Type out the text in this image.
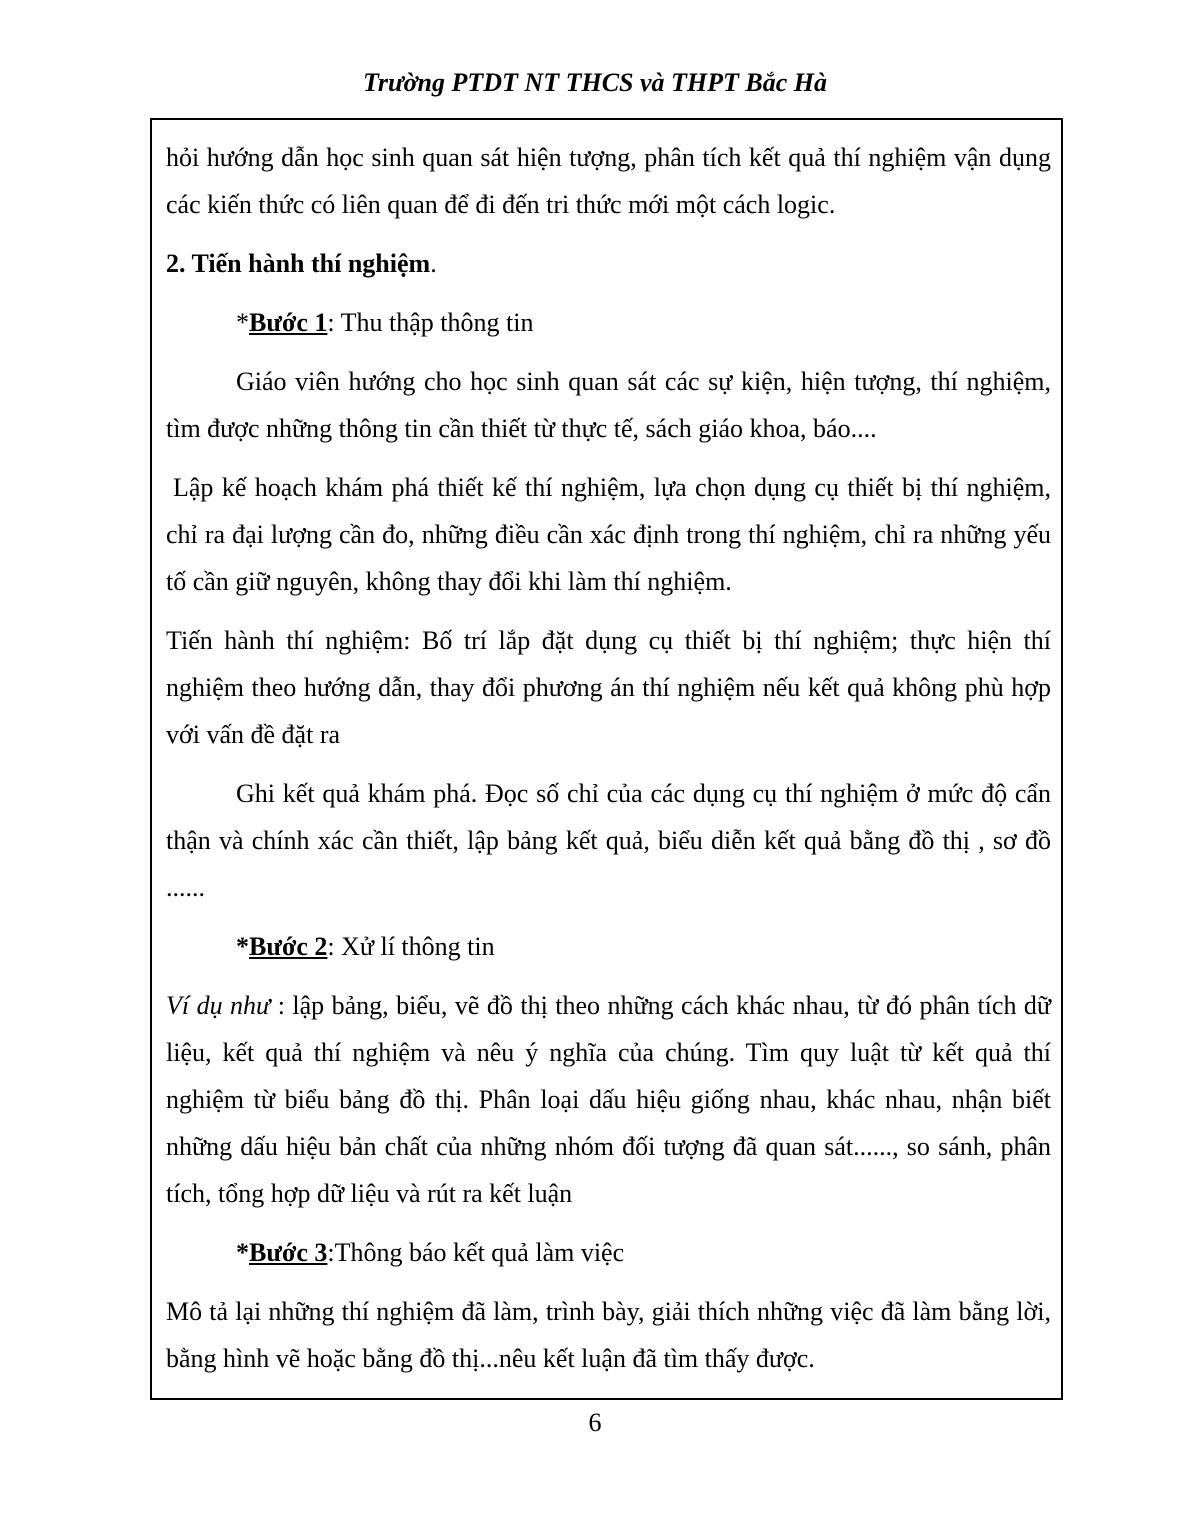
Trường PTDT NT THCS và THPT Bắc Hà

hỏi hướng dẫn học sinh quan sát hiện tượng, phân tích kết quả thí nghiệm vận dụng các kiến thức có liên quan để đi đến tri thức mới một cách logic.

2. Tiến hành thí nghiệm.

*Bước 1: Thu thập thông tin

Giáo viên hướng cho học sinh quan sát các sự kiện, hiện tượng, thí nghiệm, tìm được những thông tin cần thiết từ thực tế, sách giáo khoa, báo....

Lập kế hoạch khám phá thiết kế thí nghiệm, lựa chọn dụng cụ thiết bị thí nghiệm, chỉ ra đại lượng cần đo, những điều cần xác định trong thí nghiệm, chỉ ra những yếu tố cần giữ nguyên, không thay đổi khi làm thí nghiệm.

Tiến hành thí nghiệm: Bố trí lắp đặt dụng cụ thiết bị thí nghiệm; thực hiện thí nghiệm theo hướng dẫn, thay đổi phương án thí nghiệm nếu kết quả không phù hợp với vấn đề đặt ra

Ghi kết quả khám phá. Đọc số chỉ của các dụng cụ thí nghiệm ở mức độ cẩn thận và chính xác cần thiết, lập bảng kết quả, biểu diễn kết quả bằng đồ thị , sơ đồ ......

*Bước 2: Xử lí thông tin

Ví dụ như : lập bảng, biểu, vẽ đồ thị theo những cách khác nhau, từ đó phân tích dữ liệu, kết quả thí nghiệm và nêu ý nghĩa của chúng. Tìm quy luật từ kết quả thí nghiệm từ biểu bảng đồ thị. Phân loại dấu hiệu giống nhau, khác nhau, nhận biết những dấu hiệu bản chất của những nhóm đối tượng đã quan sát......, so sánh, phân tích, tổng hợp dữ liệu và rút ra kết luận

*Bước 3:Thông báo kết quả làm việc

Mô tả lại những thí nghiệm đã làm, trình bày, giải thích những việc đã làm bằng lời, bằng hình vẽ hoặc bằng đồ thị...nêu kết luận đã tìm thấy được.

6
